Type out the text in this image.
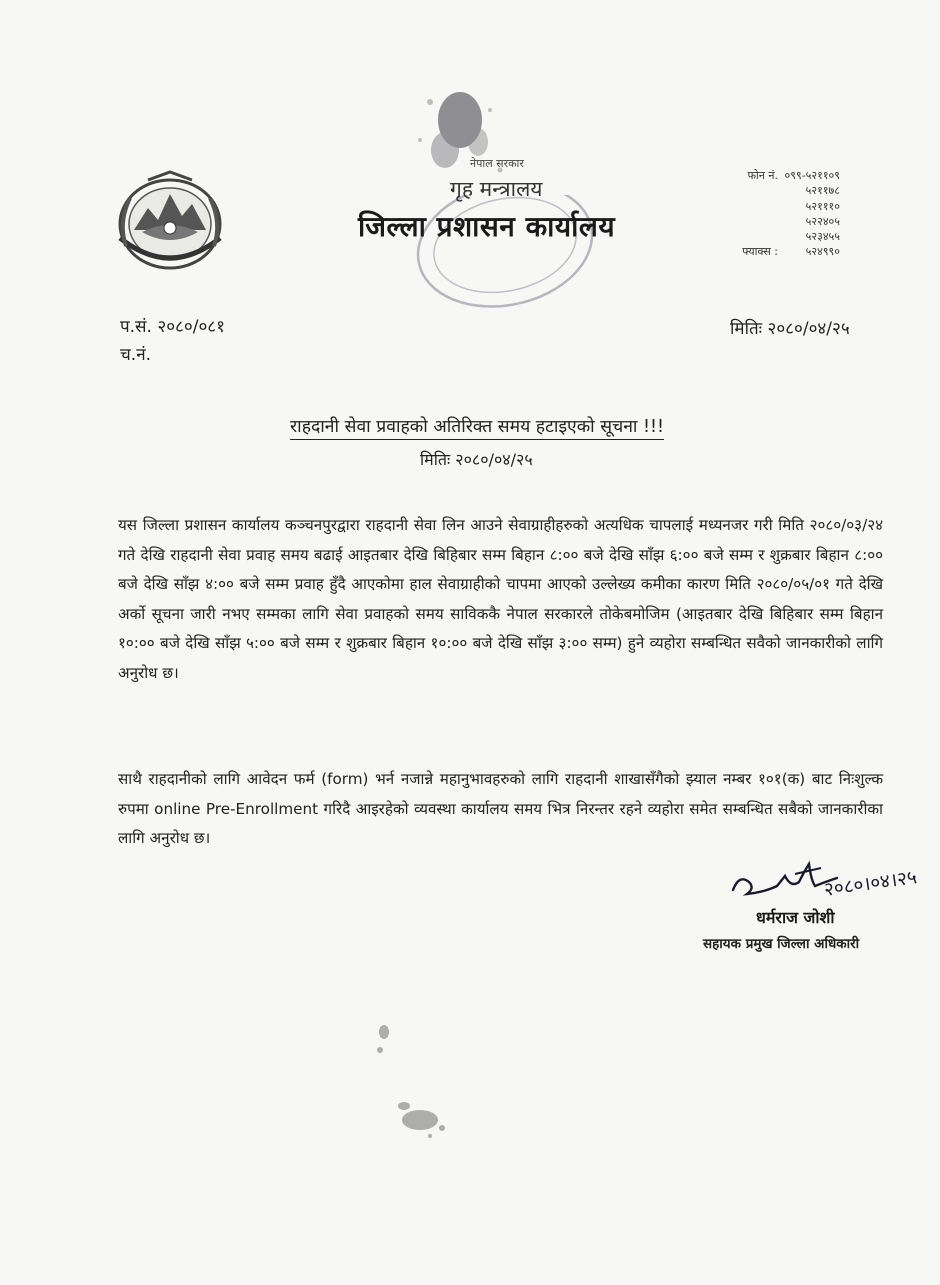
नेपाल सरकार
गृह मन्त्रालय
जिल्ला प्रशासन कार्यालय
फोन नं. ०९९-५२११०९
५२११७८
५२१११०
५२२४०५
५२३४५५
फ्याक्स :	५२४९९०
प.सं. २०८०/०८१
च.नं.
मितिः २०८०/०४/२५
राहदानी सेवा प्रवाहको अतिरिक्त समय हटाइएको सूचना !!!
मितिः २०८०/०४/२५

यस जिल्ला प्रशासन कार्यालय कञ्चनपुरद्वारा राहदानी सेवा लिन आउने सेवाग्राहीहरुको अत्यधिक चापलाई मध्यनजर गरी मिति २०८०/०३/२४ गते देखि राहदानी सेवा प्रवाह समय बढाई आइतबार देखि बिहिबार सम्म बिहान ८:०० बजे देखि साँझ ६:०० बजे सम्म र शुक्रबार बिहान ८:०० बजे देखि साँझ ४:०० बजे सम्म प्रवाह हुँदै आएकोमा हाल सेवाग्राहीको चापमा आएको उल्लेख्य कमीका कारण मिति २०८०/०५/०१ गते देखि अर्को सूचना जारी नभए सम्मका लागि सेवा प्रवाहको समय साविककै नेपाल सरकारले तोकेबमोजिम (आइतबार देखि बिहिबार सम्म बिहान १०:०० बजे देखि साँझ ५:०० बजे सम्म र शुक्रबार बिहान १०:०० बजे देखि साँझ ३:०० सम्म) हुने व्यहोरा सम्बन्धित सवैको जानकारीको लागि अनुरोध छ।

साथै राहदानीको लागि आवेदन फर्म (form) भर्न नजान्ने महानुभावहरुको लागि राहदानी शाखासँगैको झ्याल नम्बर १०१(क) बाट निःशुल्क रुपमा online Pre-Enrollment गरिदै आइरहेको व्यवस्था कार्यालय समय भित्र निरन्तर रहने व्यहोरा समेत सम्बन्धित सबैको जानकारीका लागि अनुरोध छ।

२०८०।०४।२५
धर्मराज जोशी
सहायक प्रमुख जिल्ला अधिकारी
